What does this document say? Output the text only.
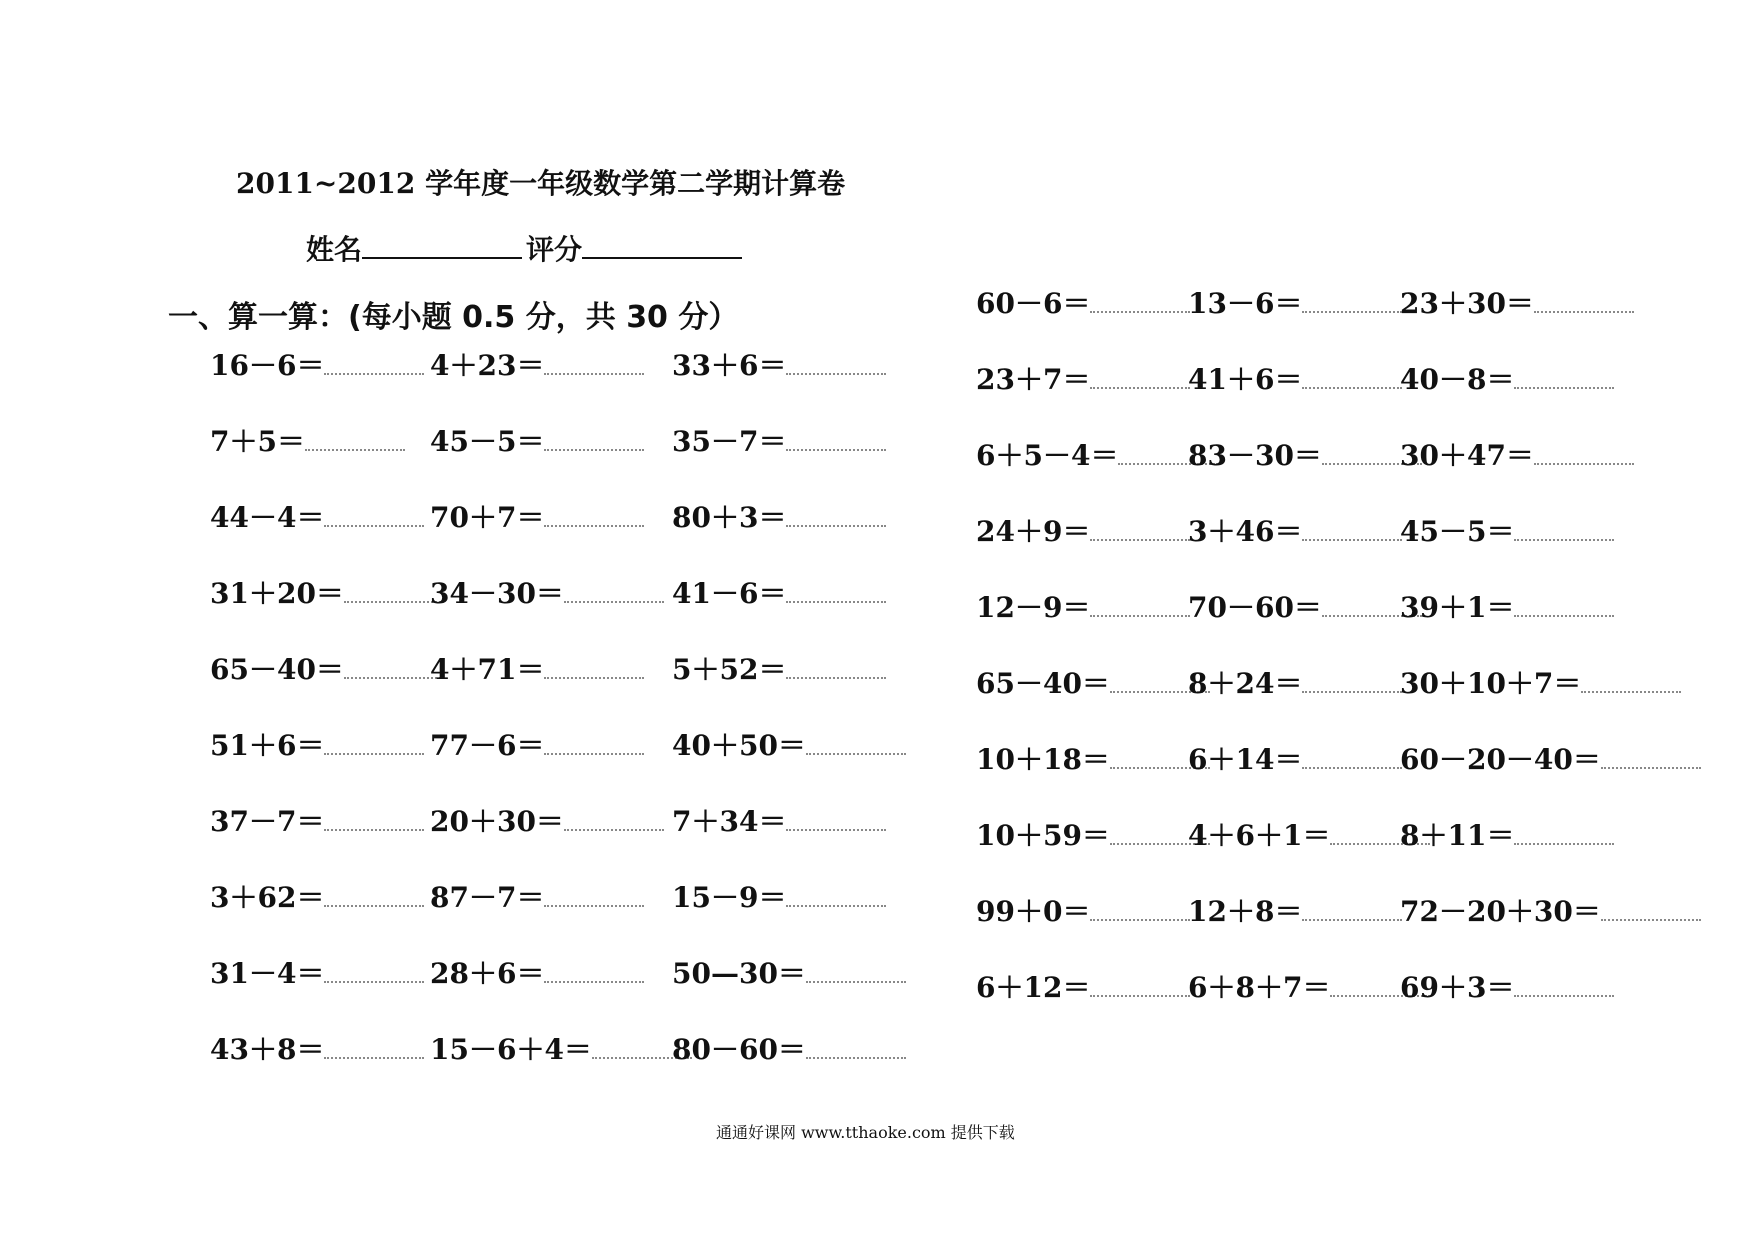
2011~2012 学年度一年级数学第二学期计算卷
姓名	评分
一、算一算：(每小题 0.5 分，共 30 分）
16－6＝	4＋23＝	33＋6＝
7＋5＝	45－5＝	35－7＝
44－4＝	70＋7＝	80＋3＝
31＋20＝	34－30＝	41－6＝
65－40＝	4＋71＝	5＋52＝
51＋6＝	77－6＝	40＋50＝
37－7＝	20＋30＝	7＋34＝
3＋62＝	87－7＝	15－9＝
31－4＝	28＋6＝	50—30＝
43＋8＝	15－6＋4＝	80－60＝
60－6＝	13－6＝	23＋30＝
23＋7＝	41＋6＝	40－8＝
6＋5－4＝	83－30＝	30＋47＝
24＋9＝	3＋46＝	45－5＝
12－9＝	70－60＝	39＋1＝
65－40＝	8＋24＝	30＋10＋7＝
10＋18＝	6＋14＝	60－20－40＝
10＋59＝	4＋6＋1＝	8＋11＝
99＋0＝	12＋8＝	72－20＋30＝
6＋12＝	6＋8＋7＝	69＋3＝
通通好课网 www.tthaoke.com 提供下载
